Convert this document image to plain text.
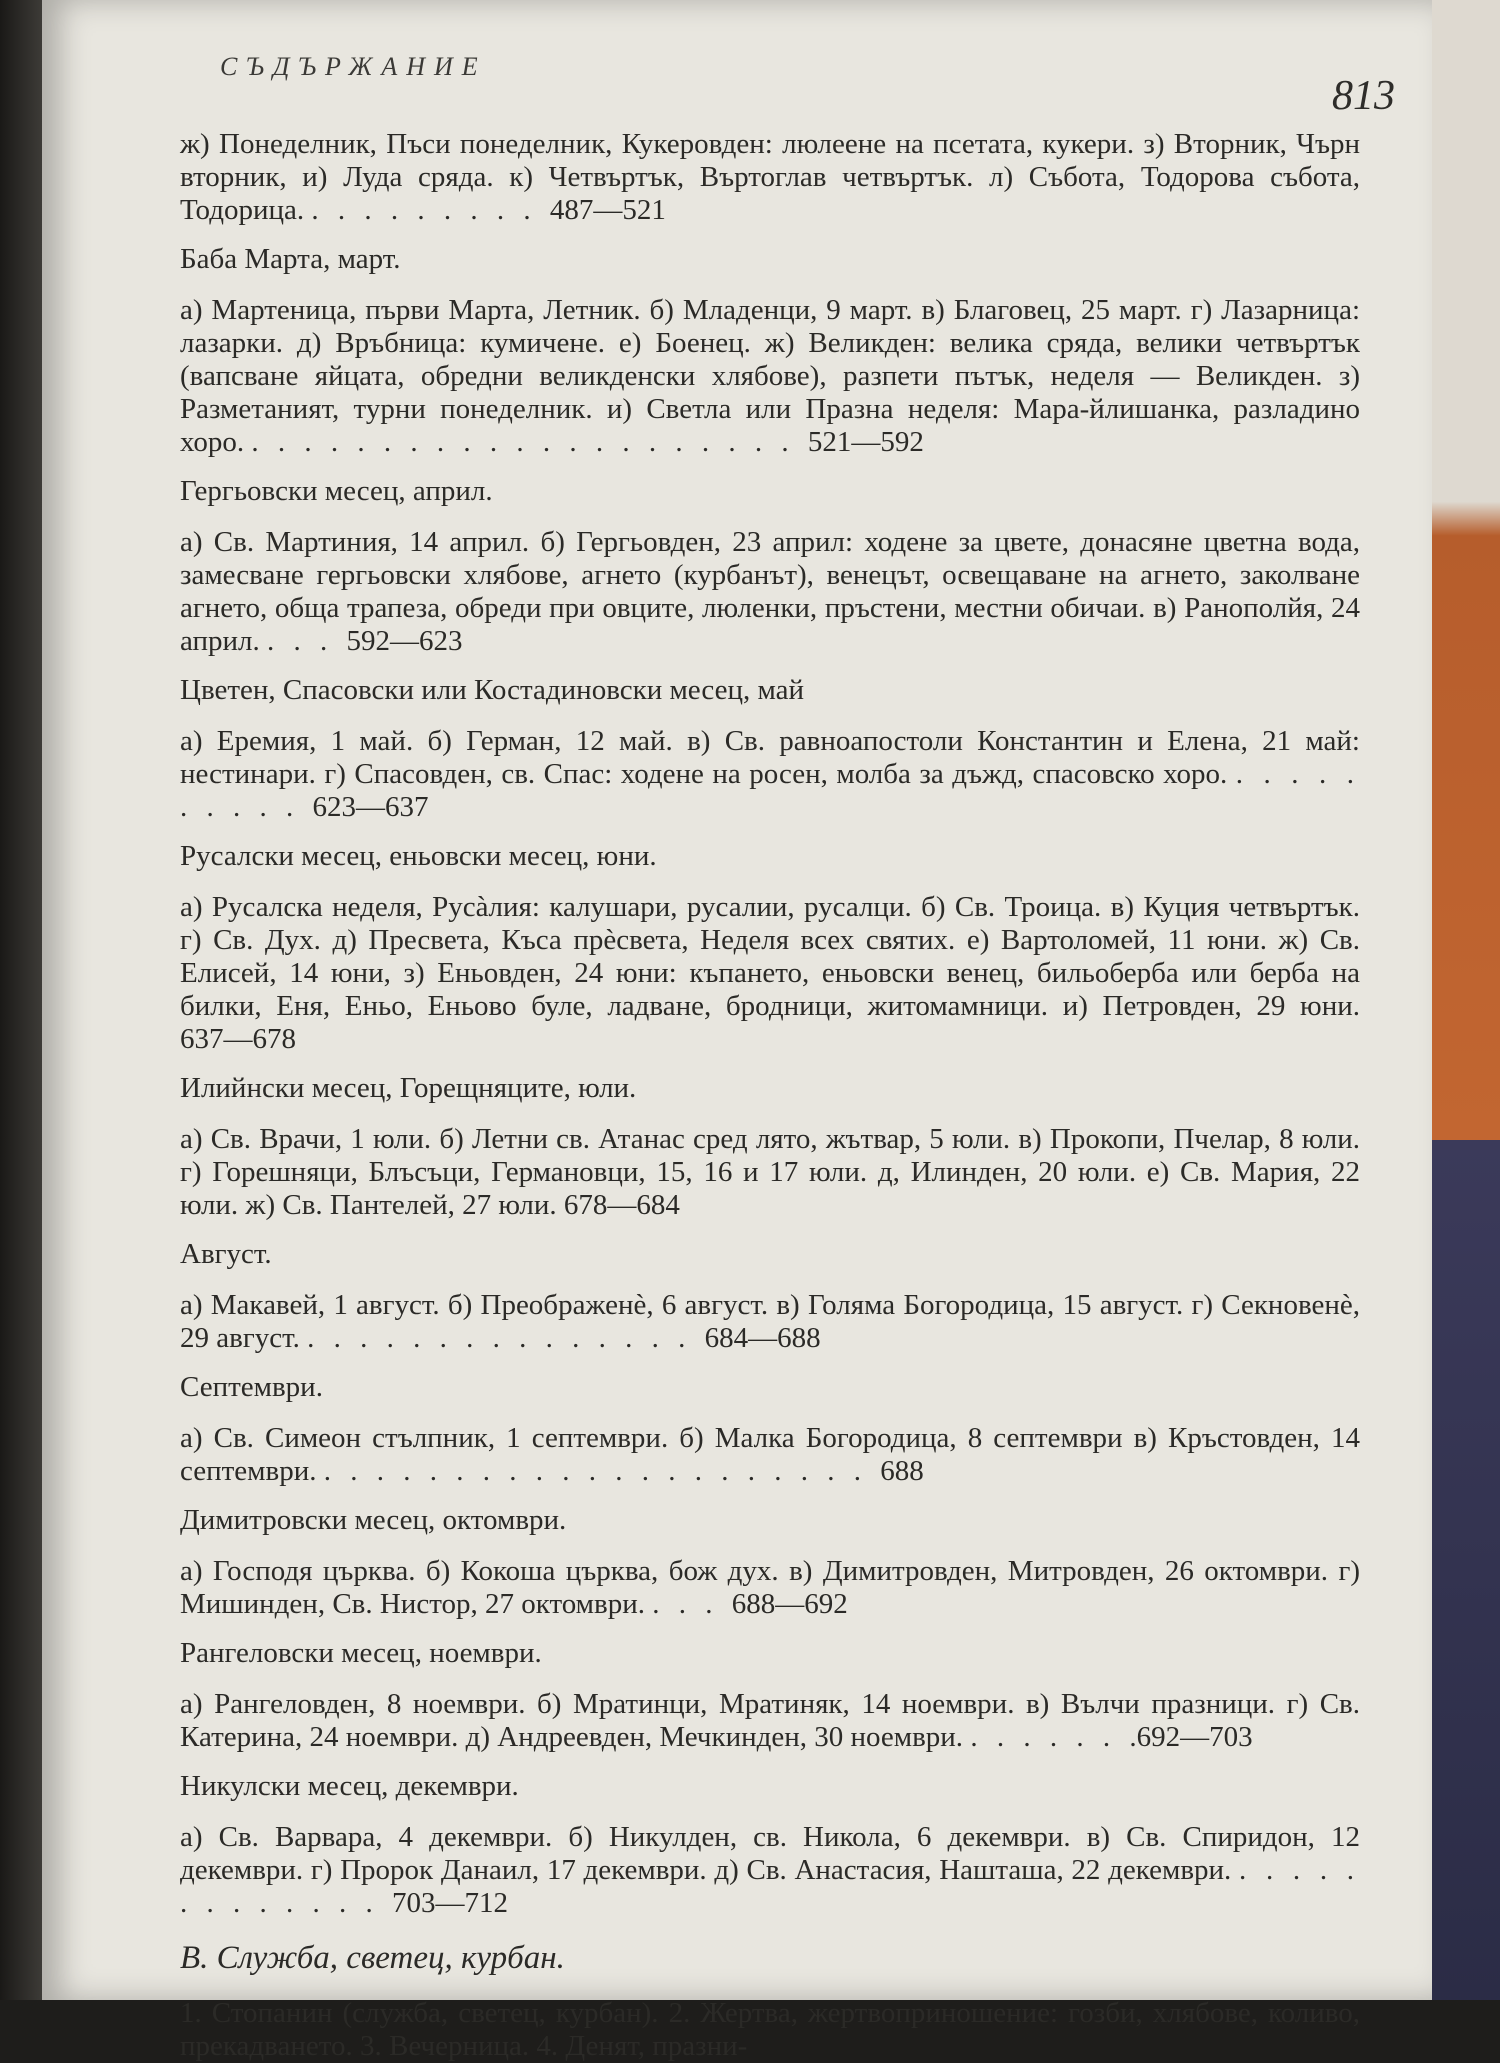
СЪДЪРЖАНИЕ
813
ж) Понеделник, Пъси понеделник, Кукеровден: люлеене на псетата, кукери. з) Вторник, Чърн вторник, и) Луда сряда. к) Четвъртък, Въртоглав четвъртък. л) Събота, Тодорова събота, Тодорица. . . . . . . . . . 487—521
Баба Марта, март.
а) Мартеница, първи Марта, Летник. б) Младенци, 9 март. в) Благовец, 25 март. г) Лазарница: лазарки. д) Връбница: кумичене. е) Боенец. ж) Великден: велика сряда, велики четвъртък (вапсване яйцата, обредни великденски хлябове), разпети пътък, неделя — Великден. з) Разметаният, турни понеделник. и) Светла или Празна неделя: Мара-йлишанка, разладино хоро. . . . . . . . . . . . . . . . . . . . . . 521—592
Гергьовски месец, април.
а) Св. Мартиния, 14 април. б) Гергьовден, 23 април: ходене за цвете, донасяне цветна вода, замесване гергьовски хлябове, агнето (курбанът), венецът, освещаване на агнето, заколване агнето, обща трапеза, обреди при овците, люленки, пръстени, местни обичаи. в) Ранополйя, 24 април. . . . 592—623
Цветен, Спасовски или Костадиновски месец, май
а) Еремия, 1 май. б) Герман, 12 май. в) Св. равноапостоли Константин и Елена, 21 май: нестинари. г) Спасовден, св. Спас: ходене на росен, молба за дъжд, спасовско хоро. . . . . . . . . . . 623—637
Русалски месец, еньовски месец, юни.
а) Русалска неделя, Русàлия: калушари, русалии, русалци. б) Св. Троица. в) Куция четвъртък. г) Св. Дух. д) Пресвета, Къса прèсвета, Неделя всех святих. е) Вартоломей, 11 юни. ж) Св. Елисей, 14 юни, з) Еньовден, 24 юни: къпането, еньовски венец, бильоберба или берба на билки, Еня, Еньо, Еньово буле, ладване, бродници, житомамници. и) Петровден, 29 юни. 637—678
Илийнски месец, Горещняците, юли.
а) Св. Врачи, 1 юли. б) Летни св. Атанас сред лято, жътвар, 5 юли. в) Прокопи, Пчелар, 8 юли. г) Горешняци, Блъсъци, Германовци, 15, 16 и 17 юли. д, Илинден, 20 юли. е) Св. Мария, 22 юли. ж) Св. Пантелей, 27 юли. 678—684
Август.
а) Макавей, 1 август. б) Преображенè, 6 август. в) Голяма Богородица, 15 август. г) Секновенè, 29 август. . . . . . . . . . . . . . . . 684—688
Септември.
а) Св. Симеон стълпник, 1 септември. б) Малка Богородица, 8 септември в) Кръстовден, 14 септември. . . . . . . . . . . . . . . . . . . . . . 688
Димитровски месец, октомври.
а) Господя църква. б) Кокоша църква, бож дух. в) Димитровден, Митровден, 26 октомври. г) Мишинден, Св. Нистор, 27 октомври. . . . 688—692
Рангеловски месец, ноември.
а) Рангеловден, 8 ноември. б) Мратинци, Мратиняк, 14 ноември. в) Вълчи празници. г) Св. Катерина, 24 ноември. д) Андреевден, Мечкинден, 30 ноември. . . . . . . .692—703
Никулски месец, декември.
а) Св. Варвара, 4 декември. б) Никулден, св. Никола, 6 декември. в) Св. Спиридон, 12 декември. г) Пророк Данаил, 17 декември. д) Св. Анастасия, Нашташа, 22 декември. . . . . . . . . . . . . . 703—712
В. Служба, светец, курбан.
1. Стопанин (служба, светец, курбан). 2. Жертва, жертвоприношение: гозби, хлябове, коливо, прекадването. 3. Вечерница. 4. Денят, празни-
